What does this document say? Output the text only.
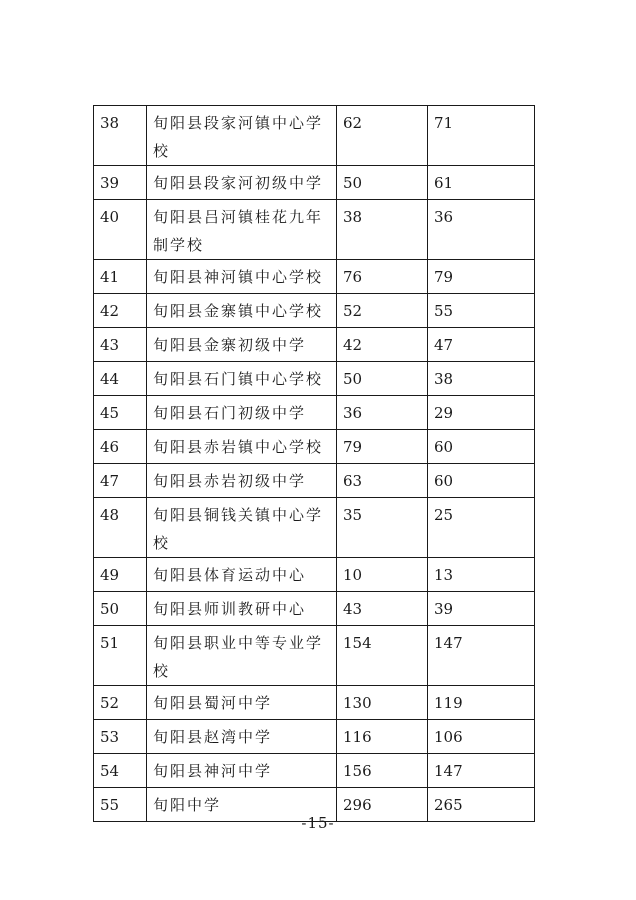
38	旬阳县段家河镇中心学校	62	71
39	旬阳县段家河初级中学	50	61
40	旬阳县吕河镇桂花九年制学校	38	36
41	旬阳县神河镇中心学校	76	79
42	旬阳县金寨镇中心学校	52	55
43	旬阳县金寨初级中学	42	47
44	旬阳县石门镇中心学校	50	38
45	旬阳县石门初级中学	36	29
46	旬阳县赤岩镇中心学校	79	60
47	旬阳县赤岩初级中学	63	60
48	旬阳县铜钱关镇中心学校	35	25
49	旬阳县体育运动中心	10	13
50	旬阳县师训教研中心	43	39
51	旬阳县职业中等专业学校	154	147
52	旬阳县蜀河中学	130	119
53	旬阳县赵湾中学	116	106
54	旬阳县神河中学	156	147
55	旬阳中学	296	265
-15-
